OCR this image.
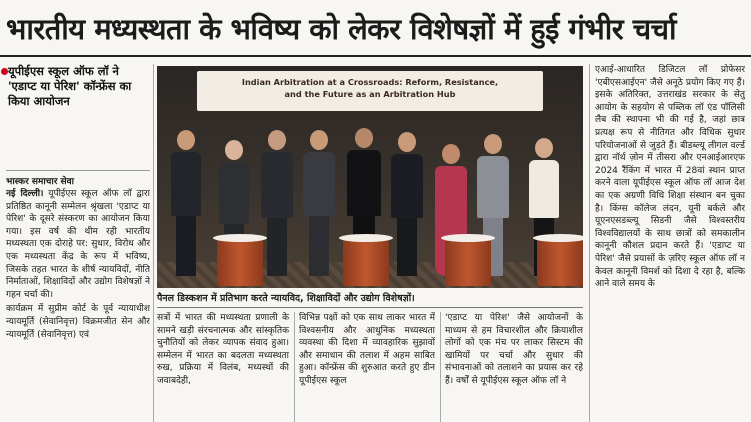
भारतीय मध्यस्थता के भविष्य को लेकर विशेषज्ञों में हुई गंभीर चर्चा
यूपीईएस स्कूल ऑफ लॉ ने 'एडाप्ट या पेरिश' कॉन्फ्रेंस का किया आयोजन
भास्कर समाचार सेवा

नई दिल्ली। यूपीईएस स्कूल ऑफ लॉ द्वारा प्रतिष्ठित कानूनी सम्मेलन श्रृंखला 'एडाप्ट या पेरिश' के दूसरे संस्करण का आयोजन किया गया। इस वर्ष की थीम रही भारतीय मध्यस्थता एक दोराहे पर: सुधार, विरोध और एक मध्यस्थता केंद्र के रूप में भविष्य, जिसके तहत भारत के शीर्ष न्यायविदों, नीति निर्माताओं, शिक्षाविदों और उद्योग विशेषज्ञों ने गहन चर्चा की।

कार्यक्रम में सुप्रीम कोर्ट के पूर्व न्यायाधीश न्यायमूर्ति (सेवानिवृत्त) विक्रमजीत सेन और न्यायमूर्ति (सेवानिवृत्त) एवं

Indian Arbitration at a Crossroads: Reform, Resistance,
and the Future as an Arbitration Hub
पैनल डिस्कशन में प्रतिभाग करते न्यायविद, शिक्षाविदों और उद्योग विशेषज्ञों।
सत्रों में भारत की मध्यस्थता प्रणाली के सामने खड़ी संरचनात्मक और सांस्कृतिक चुनौतियों को लेकर व्यापक संवाद हुआ। सम्मेलन में भारत का बदलता मध्यस्थता रुख, प्रक्रिया में विलंब, मध्यस्थों की जवाबदेही,
विभिन्न पक्षों को एक साथ लाकर भारत में विश्वसनीय और आधुनिक मध्यस्थता व्यवस्था की दिशा में व्यावहारिक सुझावों और समाधान की तलाश में अहम साबित हुआ। कॉन्फ्रेंस की शुरुआत करते हुए डीन यूपीईएस स्कूल
'एडाप्ट या पेरिश' जैसे आयोजनों के माध्यम से हम विचारशील और क्रियाशील लोगों को एक मंच पर लाकर सिस्टम की खामियों पर चर्चा और सुधार की संभावनाओं को तलाशने का प्रयास कर रहे हैं। वर्षों से यूपीईएस स्कूल ऑफ लॉ ने
एआई-आधारित डिजिटल लॉ प्रोफेसर 'एबीएसआईएन' जैसे अनूठे प्रयोग किए गए हैं। इसके अतिरिक्त, उत्तराखंड सरकार के सेतु आयोग के सहयोग से पब्लिक लॉ एंड पॉलिसी लैब की स्थापना भी की गई है, जहां छात्र प्रत्यक्ष रूप से नीतिगत और विधिक सुधार परियोजनाओं से जुड़ते हैं। बीडब्ल्यू लीगल वर्ल्ड द्वारा नॉर्थ ज़ोन में तीसरा और एनआईआरएफ 2024 रैंकिंग में भारत में 28वां स्थान प्राप्त करने वाला यूपीईएस स्कूल ऑफ लॉ आज देश का एक अग्रणी विधि शिक्षा संस्थान बन चुका है। किंग्स कॉलेज लंदन, यूनी बर्कले और यूएनएसडब्ल्यू सिडनी जैसे विश्वस्तरीय विश्वविद्यालयों के साथ छात्रों को समकालीन कानूनी कौशल प्रदान करते हैं। 'एडाप्ट या पेरिश' जैसे प्रयासों के ज़रिए स्कूल ऑफ लॉ न केवल कानूनी विमर्श को दिशा दे रहा है, बल्कि आने वाले समय के
